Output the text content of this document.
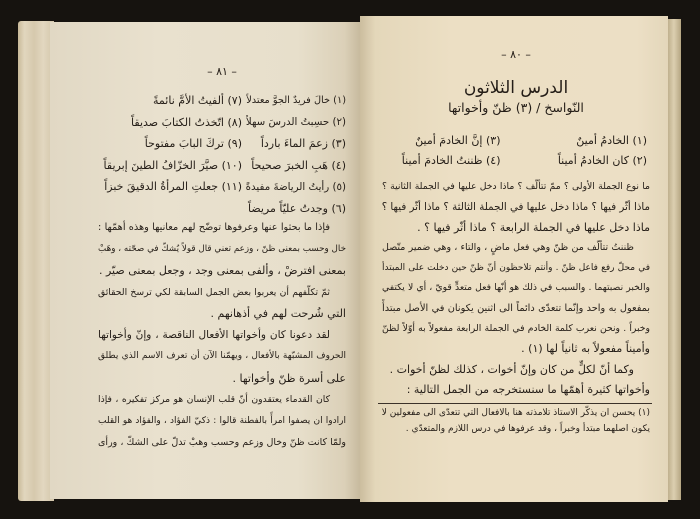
– ٨١ –
(١) خالَ فريدٌ الجوَّ معتدلاً
(٧) ألفيتُ الأمَّ نائمةً
(٢) حسِبتُ الدرسَ سهلاً
(٨) اتّخذتُ الكتابَ صديقاً
(٣) زعمَ الماءَ بارداً
(٩) تركَ البابَ مفتوحاً
(٤) هَبِ الخبرَ صحيحاً
(١٠) صيَّرَ الخزّافُ الطينَ إبريقاً
(٥) رأيتُ الرياضةَ مفيدةً
(١١) جعلتِ المرأةُ الدقيقَ خبزاً
(٦) وجدتُ عليّاً مريضاً
فإذا ما بحثوا عنها وعرفوها توضّح لهم معانيها وهذه أهمّها :
خال وحسب بمعنى ظنّ ، وزعم تعني قال قولاً يُشكّ في صحّته ، وهَبْ
بمعنى افترضْ ، وألفى بمعنى وجد ، وجعل بمعنى صيّر .
ثمّ تكلّفهم أن يعربوا بعض الجمل السابقة لكي ترسخ الحقائق
التي شُرحت لهم في أذهانهم .
لقد دعونا كان وأخواتها الأفعال الناقصة ، وإنّ وأخواتها
الحروف المشبّهة بالأفعال ، ويهمّنا الآن أن تعرف الاسم الذي يطلق
على أسرة ظنّ وأخواتها .
كان القدماء يعتقدون أنّ قلب الإنسان هو مركز تفكيره ، فإذا
ارادوا ان يصفوا امرأً بالفطنة قالوا : ذكيّ الفؤاد ، والفؤاد هو القلب
ولمّا كانت ظنّ وخال وزعم وحسب وهبْ تدلّ على الشكّ ، ورأى
– ٨٠ –
الدرس الثلاثون
النّواسخ / (٣) ظنّ وأخواتها
(١) الخادمُ أمينٌ
(٣) إنَّ الخادمَ أمينٌ
(٢) كان الخادمُ أميناً
(٤) ظننتُ الخادمَ أميناً
ما نوع الجملة الأولى ؟ ممّ تتألّف ؟ ماذا دخل عليها في الجملة الثانية ؟
ماذا أثّر فيها ؟ ماذا دخل عليها في الجملة الثالثة ؟ ماذا أثّر فيها ؟
ماذا دخل عليها في الجملة الرابعة ؟ ماذا أثّر فيها ؟ .
ظننتُ تتألّف من ظنّ وهي فعل ماضٍ ، والتاء ، وهي ضمير متّصل
في محلّ رفع فاعل ظنّ . وأنتم تلاحظون أنّ ظنّ حين دخلت على المبتدأ
والخبر نصبتهما . والسبب في ذلك هو أنّها فعل متعدٍّ قويّ ، أي لا يكتفي
بمفعول به واحد وإنّما تتعدّى دائماً الى اثنين يكونان في الأصل مبتدأً
وخبراً . ونحن نعرب كلمة الخادم في الجملة الرابعة مفعولاً به أوّلاً لظنّ
وأميناً مفعولاً به ثانياً لها (١) .
وكما أنّ لكلٍّ من كان وإنّ أخوات ، كذلك لظنّ أخوات .
وأخواتها كثيرة أهمّها ما سنستخرجه من الجمل التالية :
(١) يحسن ان يذكّر الاستاذ تلامذته هنا بالافعال التي تتعدّى الى مفعولين لا
يكون اصلهما مبتدأ وخبراً ، وقد عرفوها في درس اللازم والمتعدّي .
